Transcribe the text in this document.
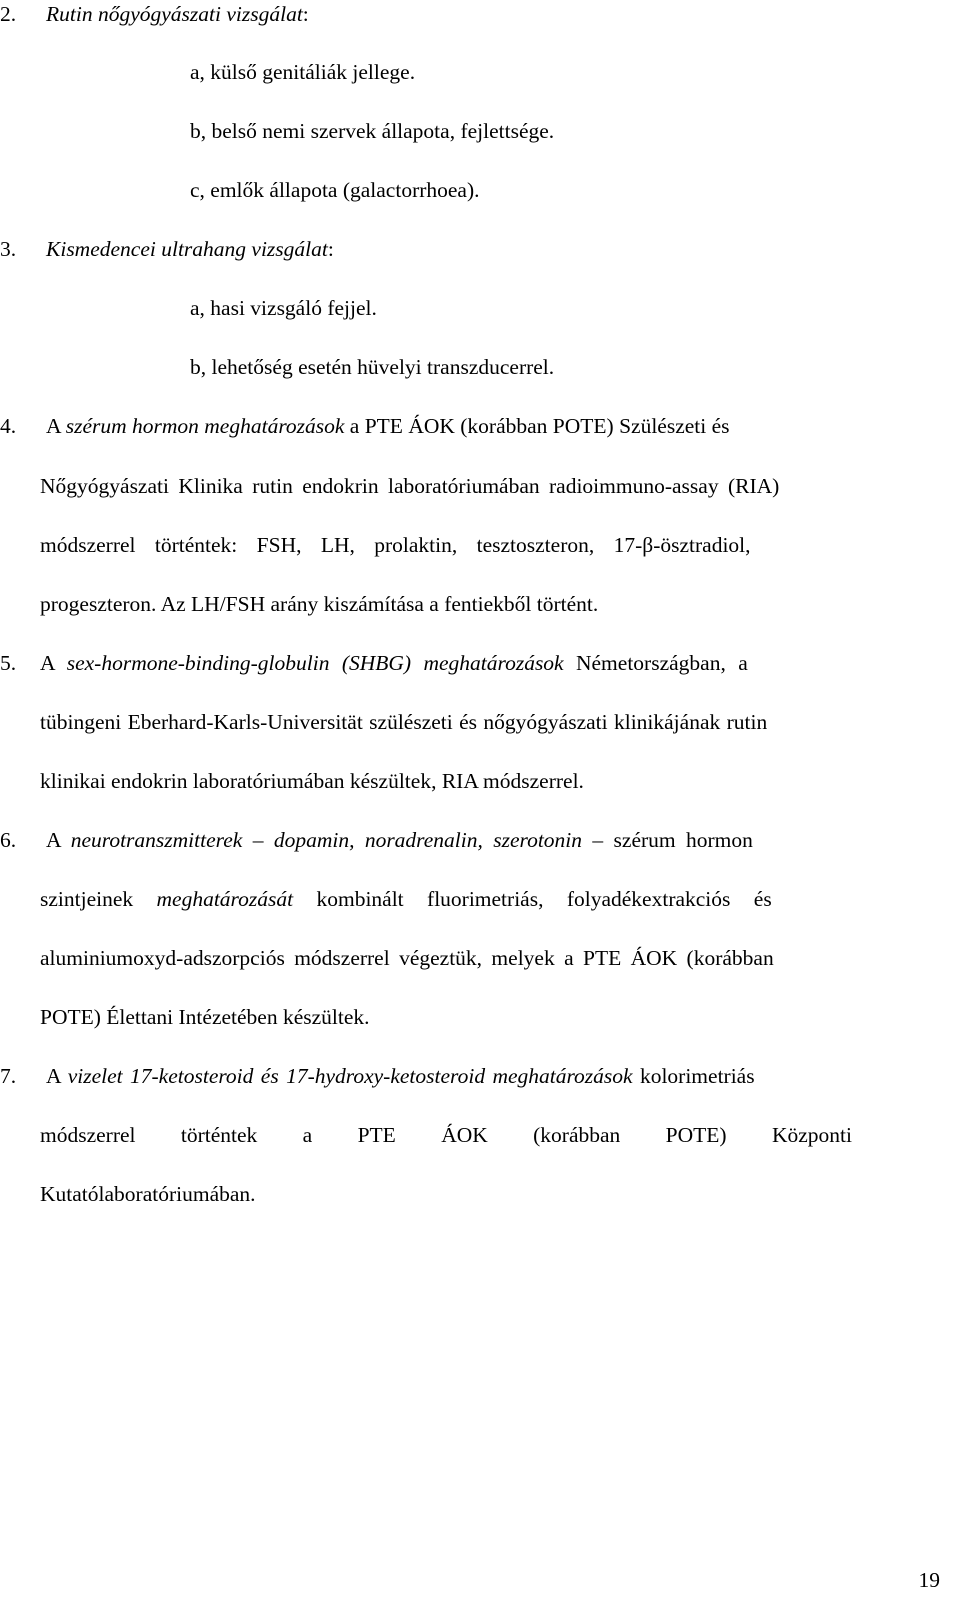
2. Rutin nőgyógyászati vizsgálat:
a, külső genitáliák jellege.
b, belső nemi szervek állapota, fejlettsége.
c, emlők állapota (galactorrhoea).
3. Kismedencei ultrahang vizsgálat:
a, hasi vizsgáló fejjel.
b, lehetőség esetén hüvelyi transzducerrel.
4. A szérum hormon meghatározások a PTE ÁOK (korábban POTE) Szülészeti és
Nőgyógyászati Klinika rutin endokrin laboratóriumában radioimmuno-assay (RIA)
módszerrel történtek: FSH, LH, prolaktin, tesztoszteron, 17-β-ösztradiol,
progeszteron. Az LH/FSH arány kiszámítása a fentiekből történt.
5. A sex-hormone-binding-globulin (SHBG) meghatározások Németországban, a
tübingeni Eberhard-Karls-Universität szülészeti és nőgyógyászati klinikájának rutin
klinikai endokrin laboratóriumában készültek, RIA módszerrel.
6. A neurotranszmitterek – dopamin, noradrenalin, szerotonin – szérum hormon
szintjeinek meghatározását kombinált fluorimetriás, folyadékextrakciós és
aluminiumoxyd-adszorpciós módszerrel végeztük, melyek a PTE ÁOK (korábban
POTE) Élettani Intézetében készültek.
7. A vizelet 17-ketosteroid és 17-hydroxy-ketosteroid meghatározások kolorimetriás
módszerrel történtek a PTE ÁOK (korábban POTE) Központi
Kutatólaboratóriumában.
19
